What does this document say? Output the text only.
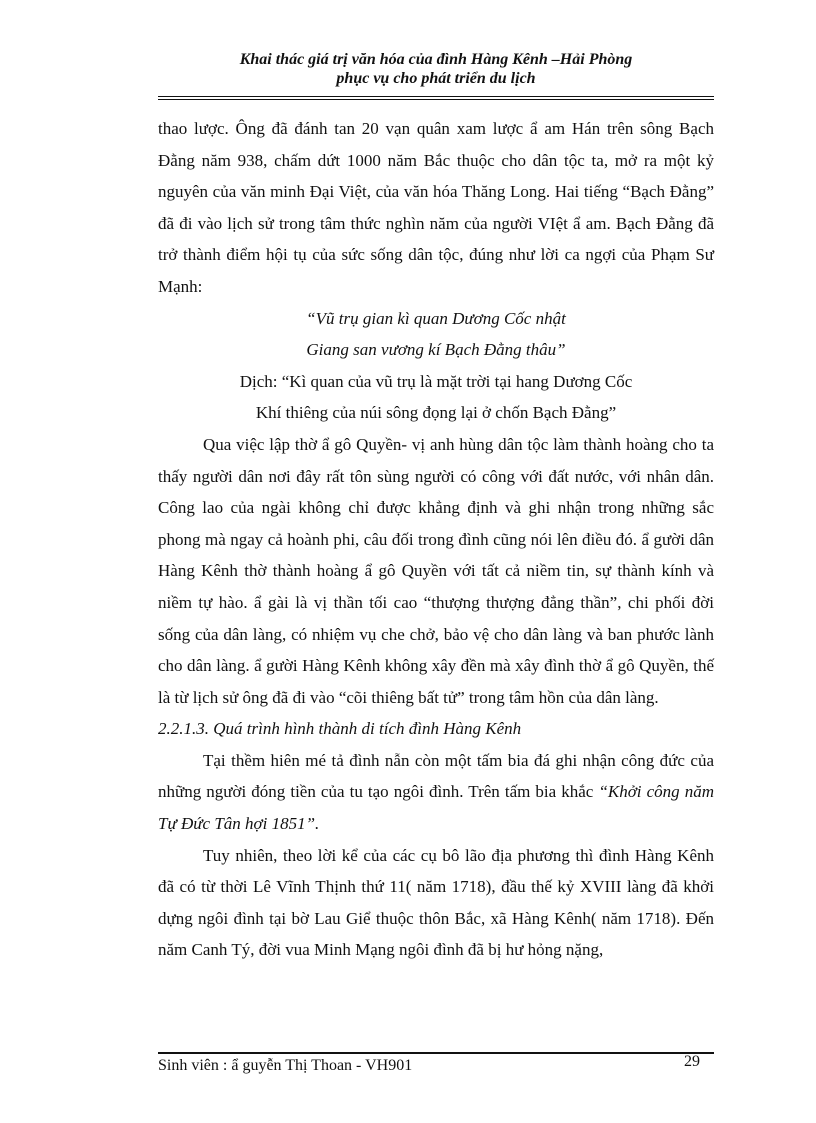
Khai thác giá trị văn hóa của đình Hàng Kênh –Hải Phòng
phục vụ cho phát triển du lịch

thao lược. Ông đã đánh tan 20 vạn quân xam lược ẩ am Hán trên sông Bạch Đằng năm 938, chấm dứt 1000 năm Bắc thuộc cho dân tộc ta, mở ra một kỷ nguyên của văn minh Đại Việt, của văn hóa Thăng Long. Hai tiếng “Bạch Đằng” đã đi vào lịch sử trong tâm thức nghìn năm của người VIệt ẩ am. Bạch Đằng đã trở thành điểm hội tụ của sức sống dân tộc, đúng như lời ca ngợi của Phạm Sư Mạnh:

“Vũ trụ gian kì quan Dương Cốc nhật

Giang san vương kí Bạch Đằng thâu”

Dịch: “Kì quan của vũ trụ là mặt trời tại hang Dương Cốc

Khí thiêng của núi sông đọng lại ở chốn Bạch Đằng”

Qua việc lập thờ ẩ gô Quyền- vị anh hùng dân tộc làm thành hoàng cho ta thấy người dân nơi đây rất tôn sùng người có công với đất nước, với nhân dân. Công lao của ngài không chỉ được khẳng định và ghi nhận trong những sắc phong mà ngay cả hoành phi, câu đối trong đình cũng nói lên điều đó. ẩ gười dân Hàng Kênh thờ thành hoàng ẩ gô Quyền với tất cả niềm tin, sự thành kính và niềm tự hào. ẩ gài là vị thần tối cao “thượng thượng đẳng thần”, chi phối đời sống của dân làng, có nhiệm vụ che chở, bảo vệ cho dân làng và ban phước lành cho dân làng. ẩ gười Hàng Kênh không xây đền mà xây đình thờ ẩ gô Quyền, thế là từ lịch sử ông đã đi vào “cõi thiêng bất tử” trong tâm hồn của dân làng.

2.2.1.3. Quá trình hình thành di tích đình Hàng Kênh

Tại thềm hiên mé tả đình nẫn còn một tấm bia đá ghi nhận công đức của những người đóng tiền của tu tạo ngôi đình. Trên tấm bia khắc “Khởi công năm Tự Đức Tân hợi 1851”.

Tuy nhiên, theo lời kể của các cụ bô lão địa phương thì đình Hàng Kênh đã có từ thời Lê Vĩnh Thịnh thứ 11( năm 1718), đầu thế kỷ XVIII làng đã khởi dựng ngôi đình tại bờ Lau Giể thuộc thôn Bắc, xã Hàng Kênh( năm 1718). Đến năm Canh Tý, đời vua Minh Mạng ngôi đình đã bị hư hỏng nặng,

Sinh viên : ẩ guyễn Thị Thoan - VH901	29
